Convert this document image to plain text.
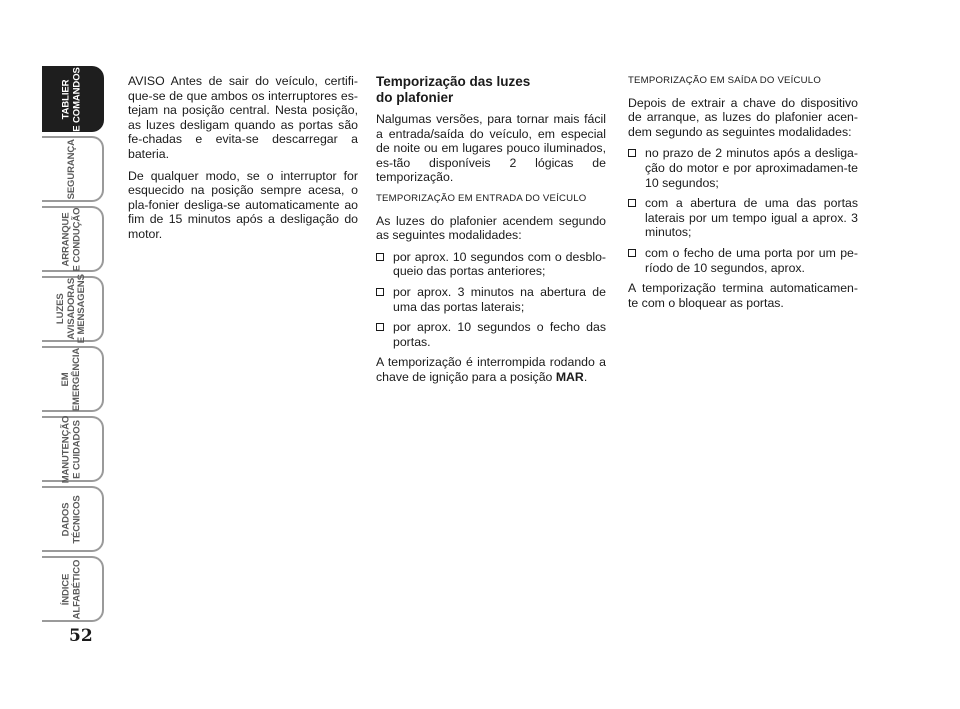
TABLIER
E COMANDOS
SEGURANÇA
ARRANQUE
E CONDUÇÃO
LUZES
AVISADORAS
E MENSAGENS
EM
EMERGÊNCIA
MANUTENÇÃO
E CUIDADOS
DADOS
TÉCNICOS
ÍNDICE
ALFABÉTICO
52

AVISO Antes de sair do veículo, certifi-que-se de que ambos os interruptores es-tejam na posição central. Nesta posição, as luzes desligam quando as portas são fe-chadas e evita-se descarregar a bateria.

De qualquer modo, se o interruptor for esquecido na posição sempre acesa, o pla-fonier desliga-se automaticamente ao fim de 15 minutos após a desligação do motor.

Temporização das luzes
do plafonier

Nalgumas versões, para tornar mais fácil a entrada/saída do veículo, em especial de noite ou em lugares pouco iluminados, es-tão disponíveis 2 lógicas de temporização.

TEMPORIZAÇÃO EM ENTRADA DO VEÍCULO

As luzes do plafonier acendem segundo as seguintes modalidades:

por aprox. 10 segundos com o desblo-queio das portas anteriores;
por aprox. 3 minutos na abertura de uma das portas laterais;
por aprox. 10 segundos o fecho das portas.

A temporização é interrompida rodando a chave de ignição para a posição MAR.

TEMPORIZAÇÃO EM SAÍDA DO VEÍCULO

Depois de extrair a chave do dispositivo de arranque, as luzes do plafonier acen-dem segundo as seguintes modalidades:

no prazo de 2 minutos após a desliga-ção do motor e por aproximadamen-te 10 segundos;
com a abertura de uma das portas laterais por um tempo igual a aprox. 3 minutos;
com o fecho de uma porta por um pe-ríodo de 10 segundos, aprox.

A temporização termina automaticamen-te com o bloquear as portas.
